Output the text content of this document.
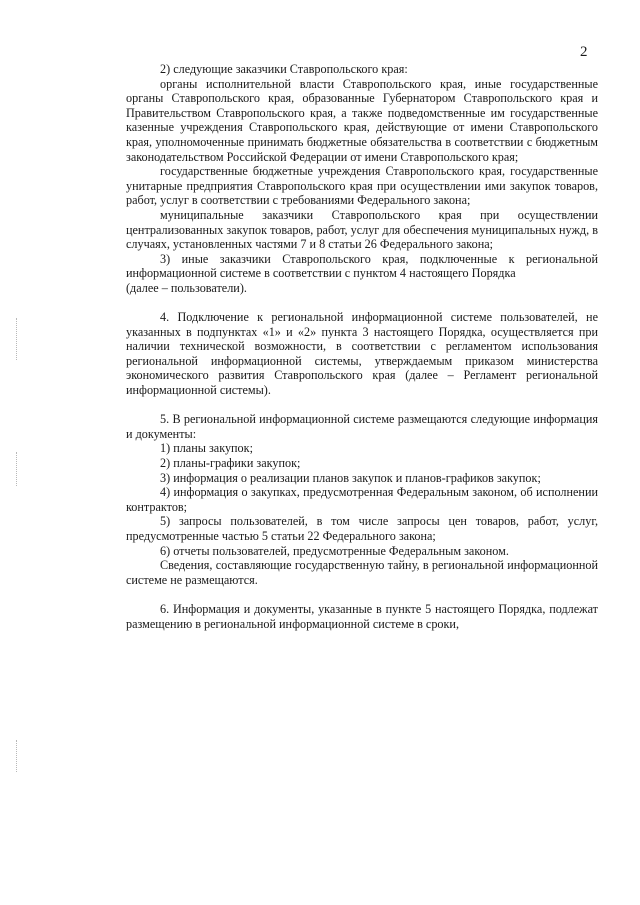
2

2) следующие заказчики Ставропольского края:

органы исполнительной власти Ставропольского края, иные государственные органы Ставропольского края, образованные Губернатором Ставропольского края и Правительством Ставропольского края, а также подведомственные им государственные казенные учреждения Ставропольского края, действующие от имени Ставропольского края, уполномоченные принимать бюджетные обязательства в соответствии с бюджетным законодательством Российской Федерации от имени Ставропольского края;

государственные бюджетные учреждения Ставропольского края, государственные унитарные предприятия Ставропольского края при осуществлении ими закупок товаров, работ, услуг в соответствии с требованиями Федерального закона;

муниципальные заказчики Ставропольского края при осуществлении централизованных закупок товаров, работ, услуг для обеспечения муниципальных нужд, в случаях, установленных частями 7 и 8 статьи 26 Федерального закона;

3) иные заказчики Ставропольского края, подключенные к региональной информационной системе в соответствии с пунктом 4 настоящего Порядка

(далее – пользователи).

4. Подключение к региональной информационной системе пользователей, не указанных в подпунктах «1» и «2» пункта 3 настоящего Порядка, осуществляется при наличии технической возможности, в соответствии с регламентом использования региональной информационной системы, утверждаемым приказом министерства экономического развития Ставропольского края (далее – Регламент региональной информационной системы).

5. В региональной информационной системе размещаются следующие информация и документы:

1) планы закупок;

2) планы-графики закупок;

3) информация о реализации планов закупок и планов-графиков закупок;

4) информация о закупках, предусмотренная Федеральным законом, об исполнении контрактов;

5) запросы пользователей, в том числе запросы цен товаров, работ, услуг, предусмотренные частью 5 статьи 22 Федерального закона;

6) отчеты пользователей, предусмотренные Федеральным законом.

Сведения, составляющие государственную тайну, в региональной информационной системе не размещаются.

6. Информация и документы, указанные в пункте 5 настоящего Порядка, подлежат размещению в региональной информационной системе в сроки,
